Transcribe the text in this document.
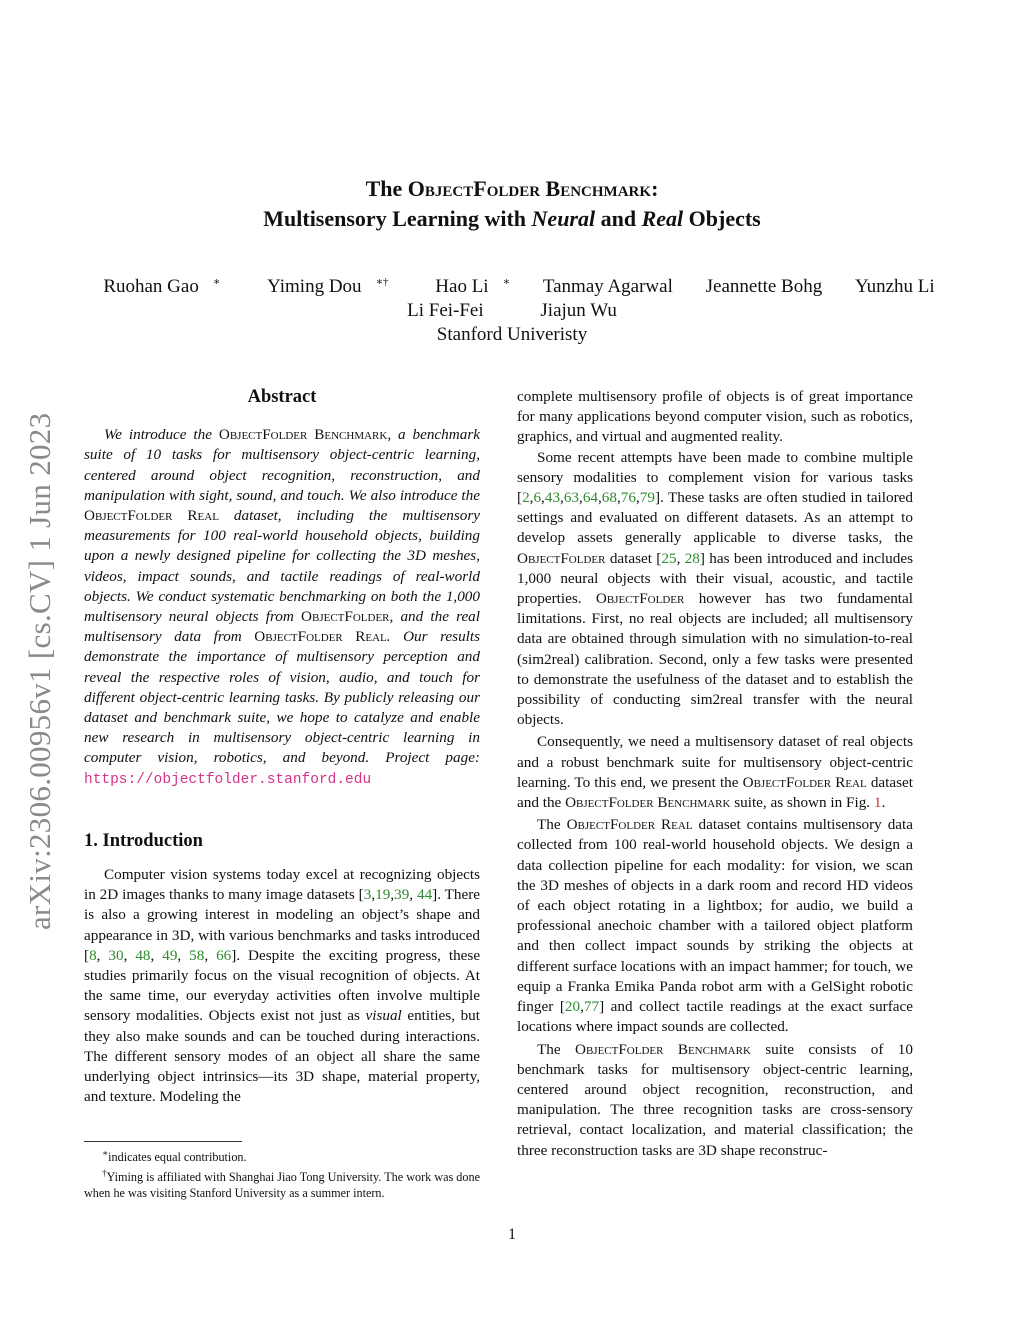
arXiv:2306.00956v1 [cs.CV] 1 Jun 2023
The ObjectFolder Benchmark:
Multisensory Learning with Neural and Real Objects
Ruohan Gao ∗ Yiming Dou ∗† Hao Li ∗ Tanmay Agarwal Jeannette Bohg Yunzhu Li
Li Fei-Fei	Jiajun Wu
Stanford Univeristy
Abstract

We introduce the ObjectFolder Benchmark, a benchmark suite of 10 tasks for multisensory object-centric learning, centered around object recognition, reconstruction, and manipulation with sight, sound, and touch. We also introduce the ObjectFolder Real dataset, including the multisensory measurements for 100 real-world household objects, building upon a newly designed pipeline for collecting the 3D meshes, videos, impact sounds, and tactile readings of real-world objects. We conduct systematic benchmarking on both the 1,000 multisensory neural objects from ObjectFolder, and the real multisensory data from ObjectFolder Real. Our results demonstrate the importance of multisensory perception and reveal the respective roles of vision, audio, and touch for different object-centric learning tasks. By publicly releasing our dataset and benchmark suite, we hope to catalyze and enable new research in multisensory object-centric learning in computer vision, robotics, and beyond. Project page: https://objectfolder.stanford.edu

1. Introduction

Computer vision systems today excel at recognizing objects in 2D images thanks to many image datasets [3,19,39, 44]. There is also a growing interest in modeling an object’s shape and appearance in 3D, with various benchmarks and tasks introduced [8, 30, 48, 49, 58, 66]. Despite the exciting progress, these studies primarily focus on the visual recognition of objects. At the same time, our everyday activities often involve multiple sensory modalities. Objects exist not just as visual entities, but they also make sounds and can be touched during interactions. The different sensory modes of an object all share the same underlying object intrinsics—its 3D shape, material property, and texture. Modeling the

∗indicates equal contribution.

†Yiming is affiliated with Shanghai Jiao Tong University. The work was done when he was visiting Stanford University as a summer intern.

complete multisensory profile of objects is of great importance for many applications beyond computer vision, such as robotics, graphics, and virtual and augmented reality.

Some recent attempts have been made to combine multiple sensory modalities to complement vision for various tasks [2,6,43,63,64,68,76,79]. These tasks are often studied in tailored settings and evaluated on different datasets. As an attempt to develop assets generally applicable to diverse tasks, the ObjectFolder dataset [25, 28] has been introduced and includes 1,000 neural objects with their visual, acoustic, and tactile properties. ObjectFolder however has two fundamental limitations. First, no real objects are included; all multisensory data are obtained through simulation with no simulation-to-real (sim2real) calibration. Second, only a few tasks were presented to demonstrate the usefulness of the dataset and to establish the possibility of conducting sim2real transfer with the neural objects.

Consequently, we need a multisensory dataset of real objects and a robust benchmark suite for multisensory object-centric learning. To this end, we present the ObjectFolder Real dataset and the ObjectFolder Benchmark suite, as shown in Fig. 1.

The ObjectFolder Real dataset contains multisensory data collected from 100 real-world household objects. We design a data collection pipeline for each modality: for vision, we scan the 3D meshes of objects in a dark room and record HD videos of each object rotating in a lightbox; for audio, we build a professional anechoic chamber with a tailored object platform and then collect impact sounds by striking the objects at different surface locations with an impact hammer; for touch, we equip a Franka Emika Panda robot arm with a GelSight robotic finger [20,77] and collect tactile readings at the exact surface locations where impact sounds are collected.

The ObjectFolder Benchmark suite consists of 10 benchmark tasks for multisensory object-centric learning, centered around object recognition, reconstruction, and manipulation. The three recognition tasks are cross-sensory retrieval, contact localization, and material classification; the three reconstruction tasks are 3D shape reconstruc-

1
